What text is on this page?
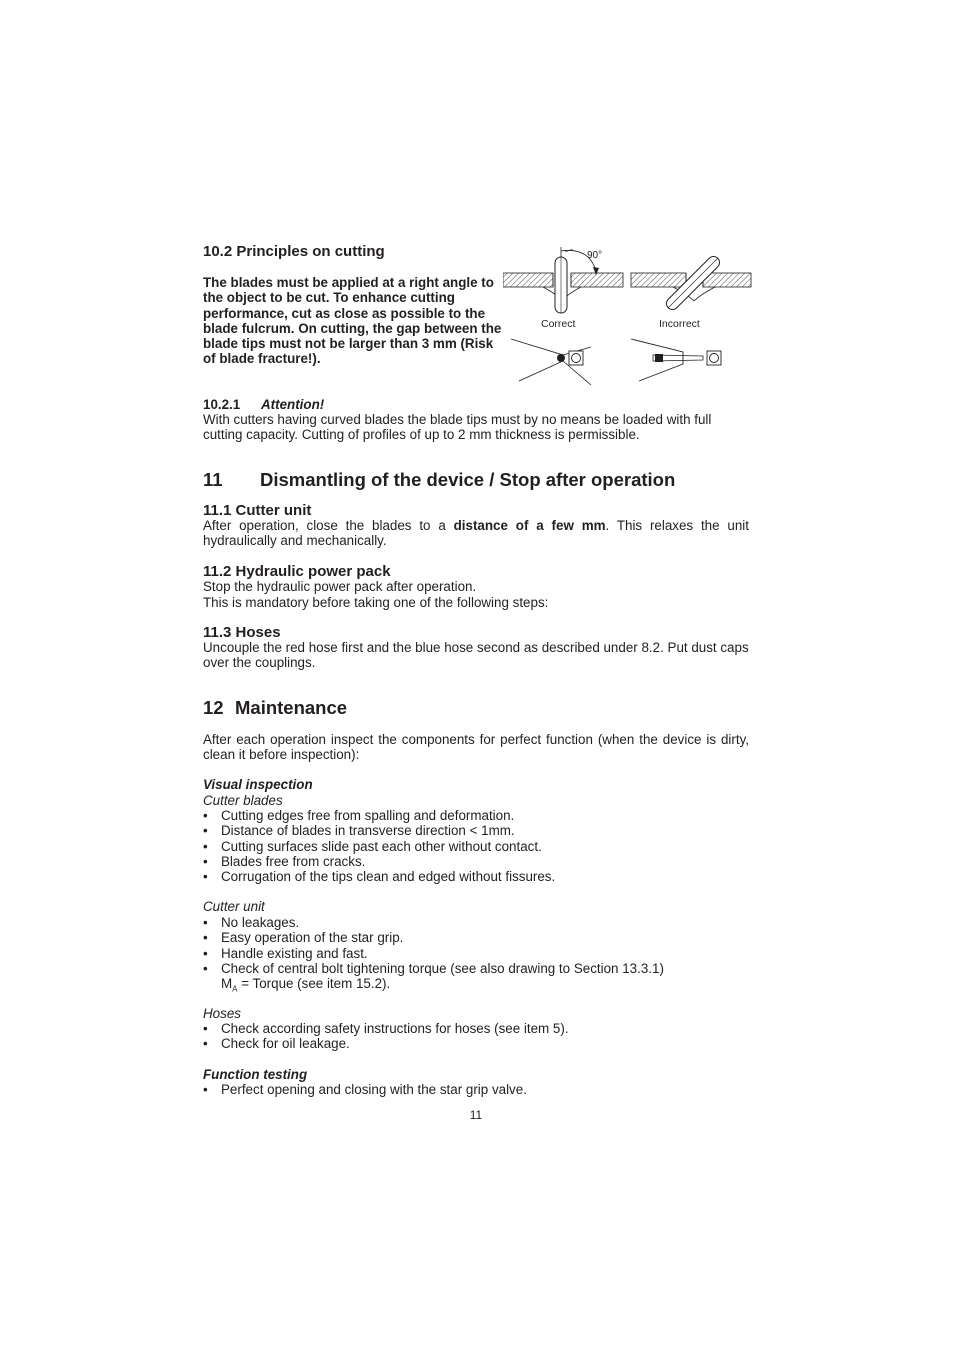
10.2 Principles on cutting

The blades must be applied at a right angle to the object to be cut. To enhance cutting performance, cut as close as possible to the blade fulcrum. On cutting, the gap between the blade tips must not be larger than 3 mm (Risk of blade fracture!).

90°
Correct	Incorrect

10.2.1 Attention!

With cutters having curved blades the blade tips must by no means be loaded with full cutting capacity. Cutting of profiles of up to 2 mm thickness is permissible.

11 Dismantling of the device / Stop after operation
11.1 Cutter unit

After operation, close the blades to a distance of a few mm. This relaxes the unit hydraulically and mechanically.

11.2 Hydraulic power pack

Stop the hydraulic power pack after operation.

This is mandatory before taking one of the following steps:

11.3 Hoses

Uncouple the red hose first and the blue hose second as described under 8.2. Put dust caps over the couplings.

12 Maintenance

After each operation inspect the components for perfect function (when the device is dirty, clean it before inspection):

Visual inspection

Cutter blades

• Cutting edges free from spalling and deformation.
• Distance of blades in transverse direction < 1mm.
• Cutting surfaces slide past each other without contact.
• Blades free from cracks.
• Corrugation of the tips clean and edged without fissures.

Cutter unit

• No leakages.
• Easy operation of the star grip.
• Handle existing and fast.
• Check of central bolt tightening torque (see also drawing to Section 13.3.1)

$M_A$ = Torque (see item 15.2).

Hoses

• Check according safety instructions for hoses (see item 5).
• Check for oil leakage.

Function testing

• Perfect opening and closing with the star grip valve.
11
